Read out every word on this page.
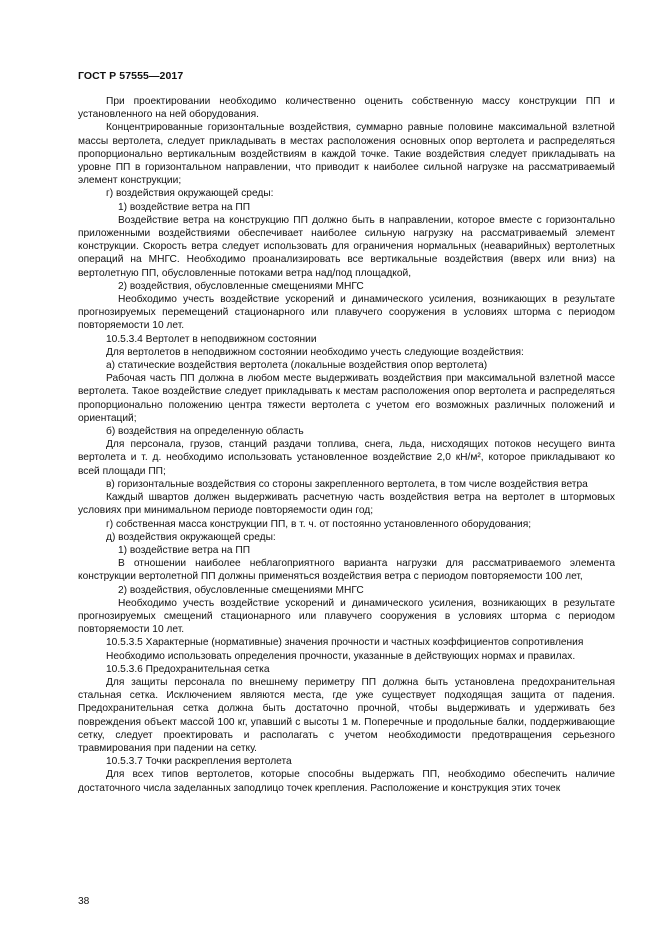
ГОСТ Р 57555—2017

При проектировании необходимо количественно оценить собственную массу конструкции ПП и установленного на ней оборудования.

Концентрированные горизонтальные воздействия, суммарно равные половине максимальной взлетной массы вертолета, следует прикладывать в местах расположения основных опор вертолета и распределяться пропорционально вертикальным воздействиям в каждой точке. Такие воздействия следует прикладывать на уровне ПП в горизонтальном направлении, что приводит к наиболее сильной нагрузке на рассматриваемый элемент конструкции;

г) воздействия окружающей среды:

1) воздействие ветра на ПП

Воздействие ветра на конструкцию ПП должно быть в направлении, которое вместе с горизонтально приложенными воздействиями обеспечивает наиболее сильную нагрузку на рассматриваемый элемент конструкции. Скорость ветра следует использовать для ограничения нормальных (неаварийных) вертолетных операций на МНГС. Необходимо проанализировать все вертикальные воздействия (вверх или вниз) на вертолетную ПП, обусловленные потоками ветра над/под площадкой,

2) воздействия, обусловленные смещениями МНГС

Необходимо учесть воздействие ускорений и динамического усиления, возникающих в результате прогнозируемых перемещений стационарного или плавучего сооружения в условиях шторма с периодом повторяемости 10 лет.

10.5.3.4 Вертолет в неподвижном состоянии

Для вертолетов в неподвижном состоянии необходимо учесть следующие воздействия:

а) статические воздействия вертолета (локальные воздействия опор вертолета)

Рабочая часть ПП должна в любом месте выдерживать воздействия при максимальной взлетной массе вертолета. Такое воздействие следует прикладывать к местам расположения опор вертолета и распределяться пропорционально положению центра тяжести вертолета с учетом его возможных различных положений и ориентаций;

б) воздействия на определенную область

Для персонала, грузов, станций раздачи топлива, снега, льда, нисходящих потоков несущего винта вертолета и т. д. необходимо использовать установленное воздействие 2,0 кН/м², которое прикладывают ко всей площади ПП;

в) горизонтальные воздействия со стороны закрепленного вертолета, в том числе воздействия ветра

Каждый швартов должен выдерживать расчетную часть воздействия ветра на вертолет в штормовых условиях при минимальном периоде повторяемости один год;

г) собственная масса конструкции ПП, в т. ч. от постоянно установленного оборудования;

д) воздействия окружающей среды:

1) воздействие ветра на ПП

В отношении наиболее неблагоприятного варианта нагрузки для рассматриваемого элемента конструкции вертолетной ПП должны применяться воздействия ветра с периодом повторяемости 100 лет,

2) воздействия, обусловленные смещениями МНГС

Необходимо учесть воздействие ускорений и динамического усиления, возникающих в результате прогнозируемых смещений стационарного или плавучего сооружения в условиях шторма с периодом повторяемости 10 лет.

10.5.3.5 Характерные (нормативные) значения прочности и частных коэффициентов сопротивления

Необходимо использовать определения прочности, указанные в действующих нормах и правилах.

10.5.3.6 Предохранительная сетка

Для защиты персонала по внешнему периметру ПП должна быть установлена предохранительная стальная сетка. Исключением являются места, где уже существует подходящая защита от падения. Предохранительная сетка должна быть достаточно прочной, чтобы выдерживать и удерживать без повреждения объект массой 100 кг, упавший с высоты 1 м. Поперечные и продольные балки, поддерживающие сетку, следует проектировать и располагать с учетом необходимости предотвращения серьезного травмирования при падении на сетку.

10.5.3.7 Точки раскрепления вертолета

Для всех типов вертолетов, которые способны выдержать ПП, необходимо обеспечить наличие достаточного числа заделанных заподлицо точек крепления. Расположение и конструкция этих точек

38
